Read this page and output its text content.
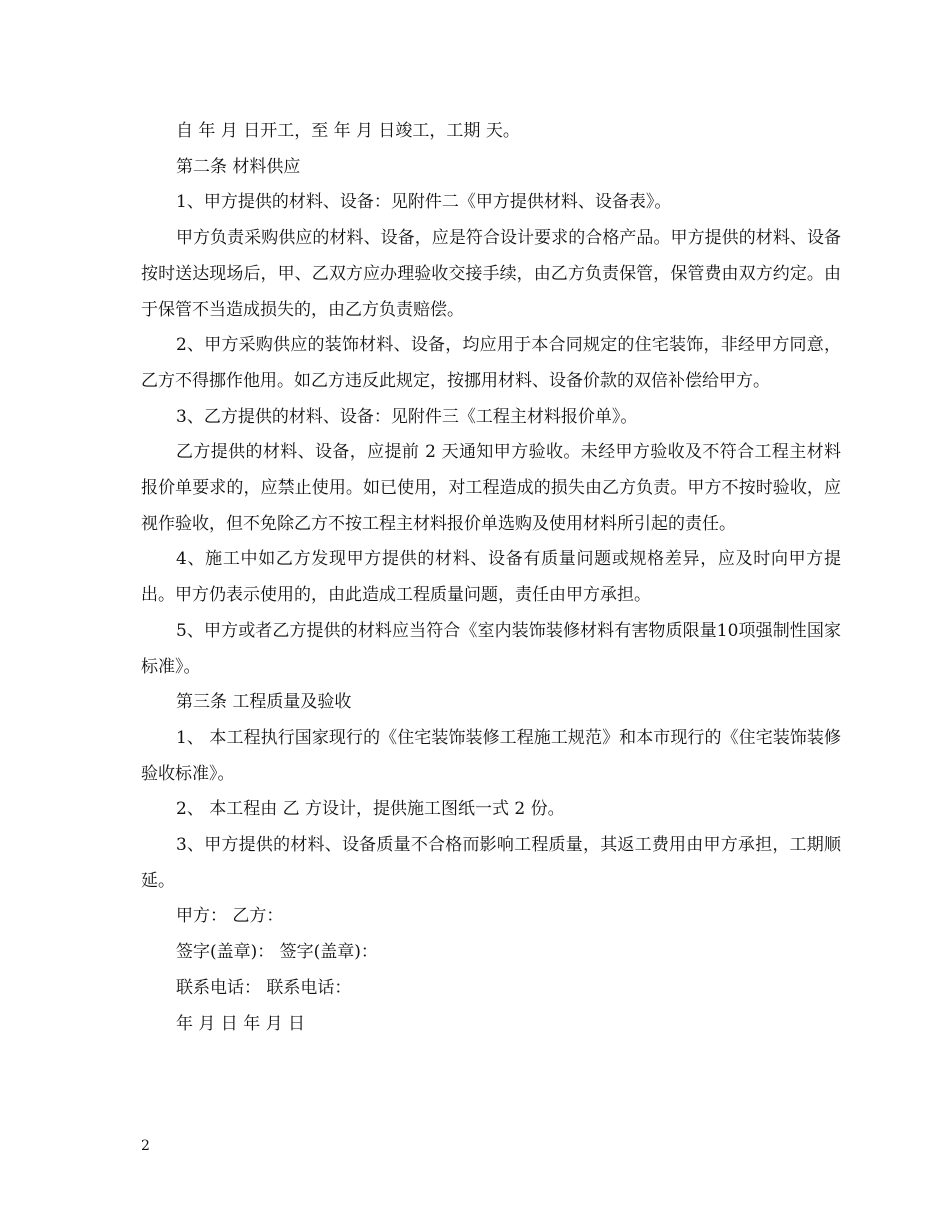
自 年 月 日开工，至 年 月 日竣工，工期 天。

第二条 材料供应

1、甲方提供的材料、设备：见附件二《甲方提供材料、设备表》。

甲方负责采购供应的材料、设备，应是符合设计要求的合格产品。甲方提供的材料、设备按时送达现场后，甲、乙双方应办理验收交接手续，由乙方负责保管，保管费由双方约定。由于保管不当造成损失的，由乙方负责赔偿。

2、甲方采购供应的装饰材料、设备，均应用于本合同规定的住宅装饰，非经甲方同意，乙方不得挪作他用。如乙方违反此规定，按挪用材料、设备价款的双倍补偿给甲方。

3、乙方提供的材料、设备：见附件三《工程主材料报价单》。

乙方提供的材料、设备，应提前 2 天通知甲方验收。未经甲方验收及不符合工程主材料报价单要求的，应禁止使用。如已使用，对工程造成的损失由乙方负责。甲方不按时验收，应视作验收，但不免除乙方不按工程主材料报价单选购及使用材料所引起的责任。

4、施工中如乙方发现甲方提供的材料、设备有质量问题或规格差异，应及时向甲方提出。甲方仍表示使用的，由此造成工程质量问题，责任由甲方承担。

5、甲方或者乙方提供的材料应当符合《室内装饰装修材料有害物质限量10项强制性国家标准》。

第三条 工程质量及验收

1、 本工程执行国家现行的《住宅装饰装修工程施工规范》和本市现行的《住宅装饰装修验收标准》。

2、 本工程由 乙 方设计，提供施工图纸一式 2 份。

3、甲方提供的材料、设备质量不合格而影响工程质量，其返工费用由甲方承担，工期顺延。

甲方： 乙方：

签字(盖章)： 签字(盖章)：

联系电话： 联系电话：

年 月 日 年 月 日

2
